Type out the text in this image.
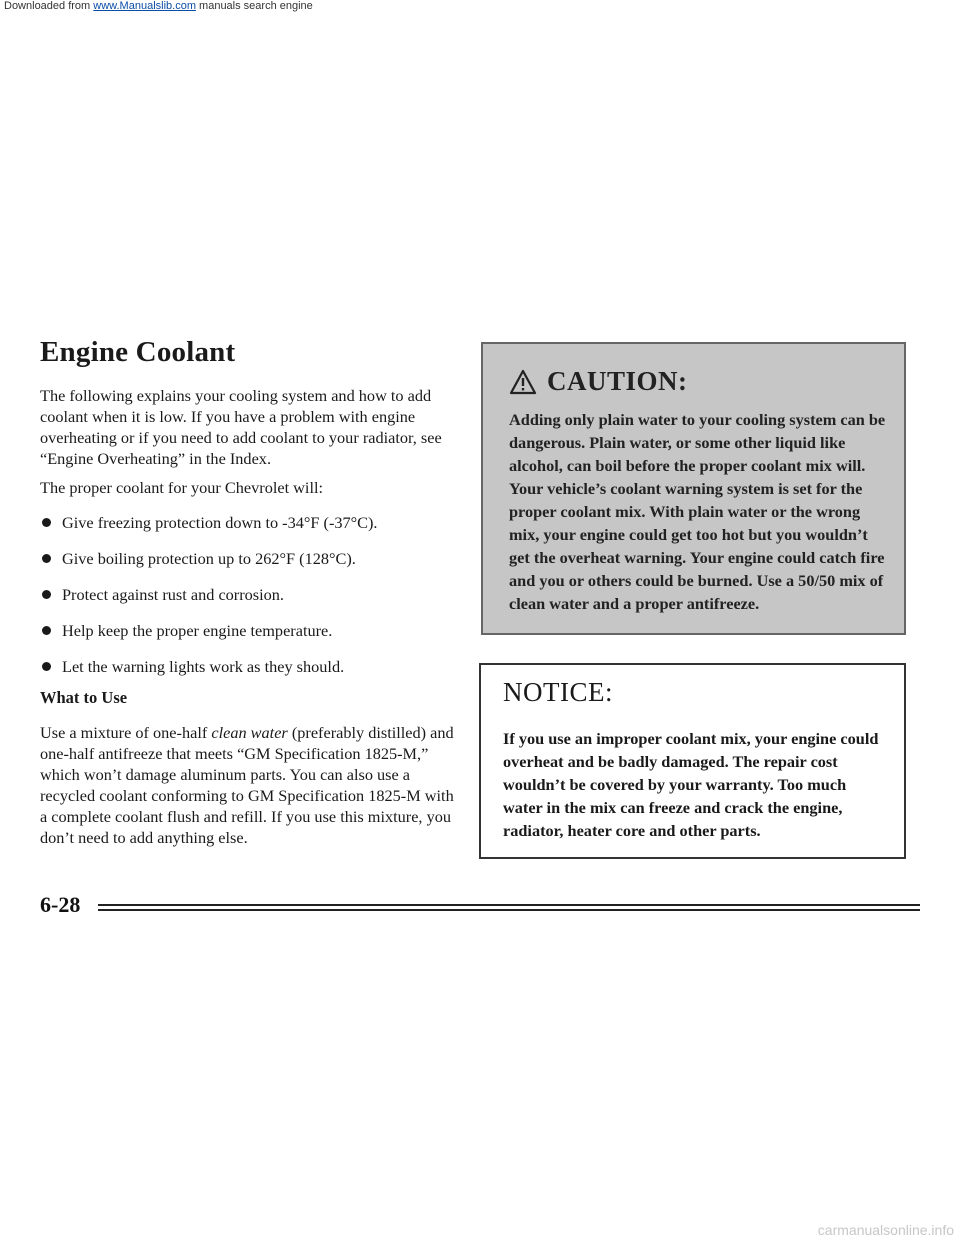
Downloaded from www.Manualslib.com manuals search engine
Engine Coolant

The following explains your cooling system and how to add coolant when it is low. If you have a problem with engine overheating or if you need to add coolant to your radiator, see “Engine Overheating” in the Index.

The proper coolant for your Chevrolet will:

Give freezing protection down to -34°F (-37°C).
Give boiling protection up to 262°F (128°C).
Protect against rust and corrosion.
Help keep the proper engine temperature.
Let the warning lights work as they should.
What to Use

Use a mixture of one-half clean water (preferably distilled) and one-half antifreeze that meets “GM Specification 1825-M,” which won’t damage aluminum parts. You can also use a recycled coolant conforming to GM Specification 1825-M with a complete coolant flush and refill. If you use this mixture, you don’t need to add anything else.

CAUTION:
Adding only plain water to your cooling system can be dangerous. Plain water, or some other liquid like alcohol, can boil before the proper coolant mix will. Your vehicle’s coolant warning system is set for the proper coolant mix. With plain water or the wrong mix, your engine could get too hot but you wouldn’t get the overheat warning. Your engine could catch fire and you or others could be burned. Use a 50/50 mix of clean water and a proper antifreeze.
NOTICE:
If you use an improper coolant mix, your engine could overheat and be badly damaged. The repair cost wouldn’t be covered by your warranty. Too much water in the mix can freeze and crack the engine, radiator, heater core and other parts.
6-28
carmanualsonline.info
